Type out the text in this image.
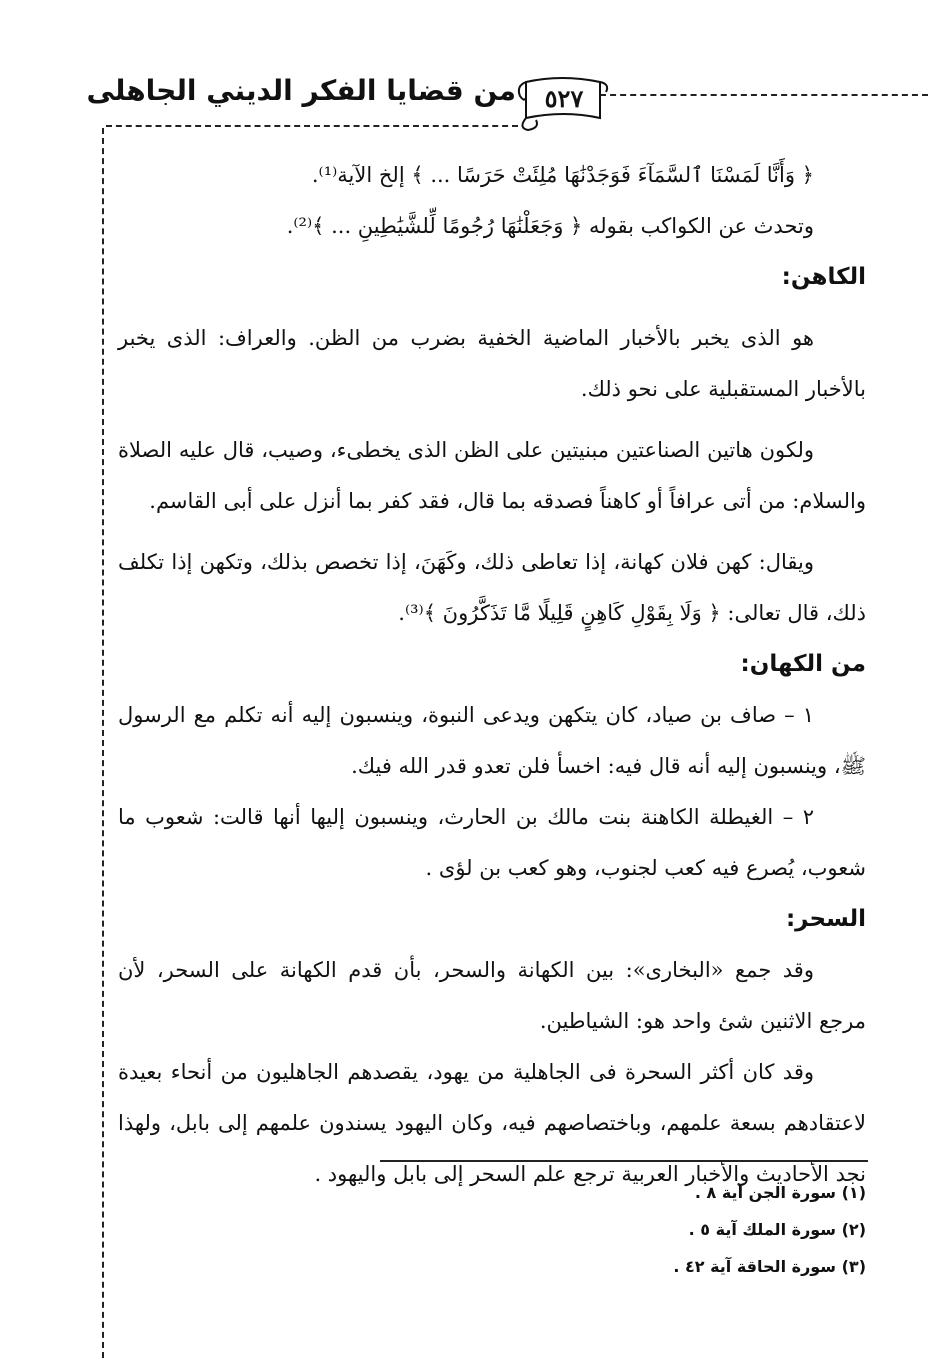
٥٢٧
من قضايا الفكر الديني الجاهلى

﴿ وَأَنَّا لَمَسْنَا ٱلسَّمَآءَ فَوَجَدْنَٰهَا مُلِئَتْ حَرَسًا ... ﴾ إلخ الآية⁽¹⁾.

وتحدث عن الكواكب بقوله ﴿ وَجَعَلْنَٰهَا رُجُومًا لِّلشَّيَٰطِينِ ... ﴾⁽²⁾.

الكاهن:

هو الذى يخبر بالأخبار الماضية الخفية بضرب من الظن. والعراف: الذى يخبر بالأخبار المستقبلية على نحو ذلك.

ولكون هاتين الصناعتين مبنيتين على الظن الذى يخطىء، وصيب، قال عليه الصلاة والسلام: من أتى عرافاً أو كاهناً فصدقه بما قال، فقد كفر بما أنزل على أبى القاسم.

ويقال: كهن فلان كهانة، إذا تعاطى ذلك، وكَهَنَ، إذا تخصص بذلك، وتكهن إذا تكلف ذلك، قال تعالى: ﴿ وَلَا بِقَوْلِ كَاهِنٍ قَلِيلًا مَّا تَذَكَّرُونَ ﴾⁽³⁾.

من الكهان:

١ – صاف بن صياد، كان يتكهن ويدعى النبوة، وينسبون إليه أنه تكلم مع الرسول ﷺ، وينسبون إليه أنه قال فيه: اخسأ فلن تعدو قدر الله فيك.

٢ – الغيطلة الكاهنة بنت مالك بن الحارث، وينسبون إليها أنها قالت: شعوب ما شعوب، يُصرع فيه كعب لجنوب، وهو كعب بن لؤى .

السحر:

وقد جمع «البخارى»: بين الكهانة والسحر، بأن قدم الكهانة على السحر، لأن مرجع الاثنين شئ واحد هو: الشياطين.

وقد كان أكثر السحرة فى الجاهلية من يهود، يقصدهم الجاهليون من أنحاء بعيدة لاعتقادهم بسعة علمهم، وباختصاصهم فيه، وكان اليهود يسندون علمهم إلى بابل، ولهذا نجد الأحاديث والأخبار العربية ترجع علم السحر إلى بابل واليهود .

(١) سورة الجن آية ٨ .

(٢) سورة الملك آية ٥ .

(٣) سورة الحاقة آية ٤٢ .
